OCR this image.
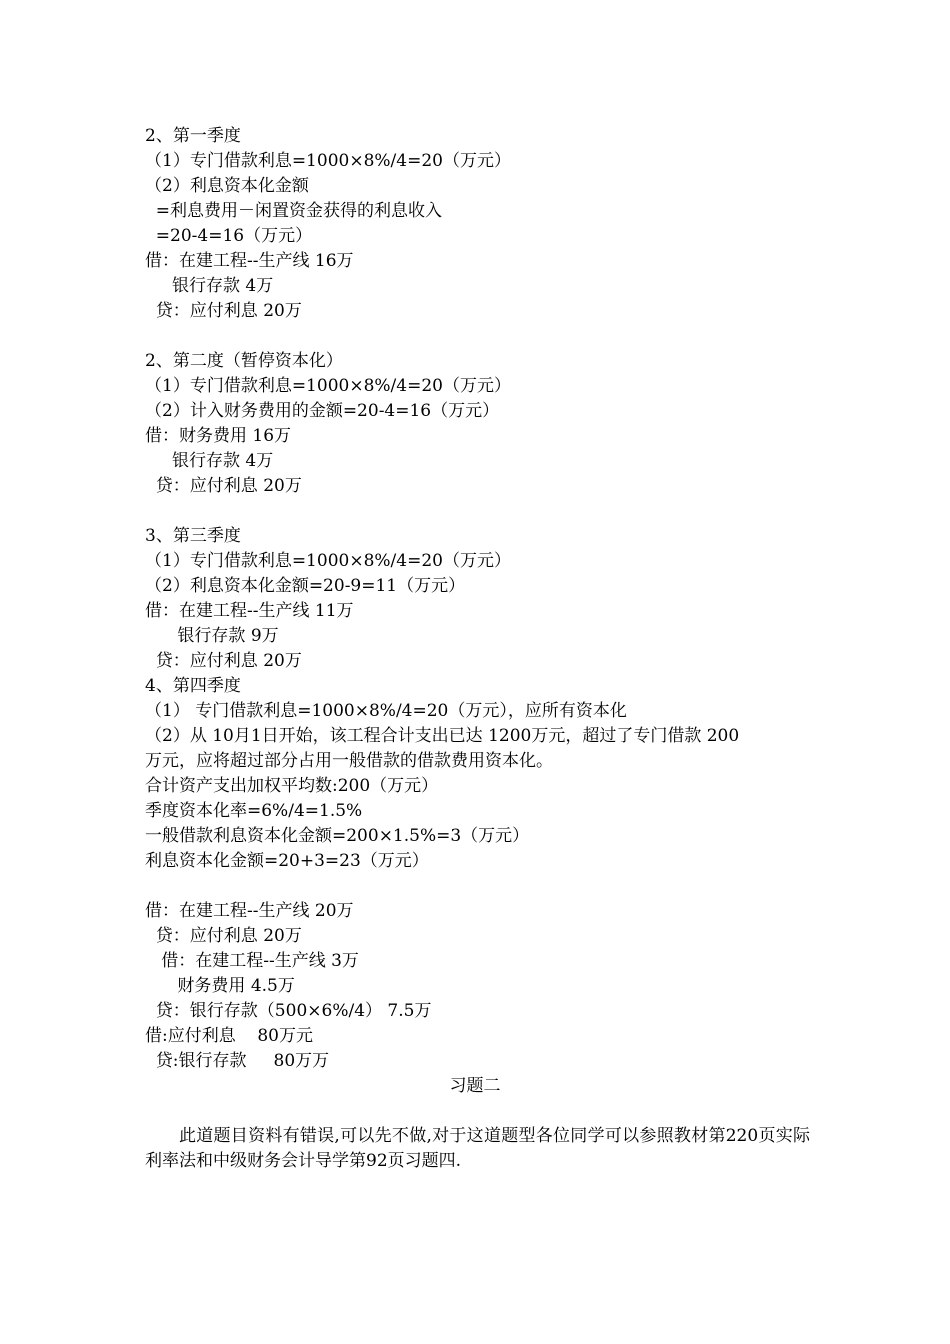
2、第一季度
（1）专门借款利息=1000×8%/4=20（万元）
（2）利息资本化金额
=利息费用－闲置资金获得的利息收入
=20-4=16（万元）
借：在建工程--生产线 16万
银行存款 4万
贷：应付利息 20万
2、第二度（暂停资本化）
（1）专门借款利息=1000×8%/4=20（万元）
（2）计入财务费用的金额=20-4=16（万元）
借：财务费用 16万
银行存款 4万
贷：应付利息 20万
3、第三季度
（1）专门借款利息=1000×8%/4=20（万元）
（2）利息资本化金额=20-9=11（万元）
借：在建工程--生产线 11万
银行存款 9万
贷：应付利息 20万
4、第四季度
（1） 专门借款利息=1000×8%/4=20（万元），应所有资本化
（2）从 10月1日开始，该工程合计支出已达 1200万元，超过了专门借款 200
万元，应将超过部分占用一般借款的借款费用资本化。
合计资产支出加权平均数:200（万元）
季度资本化率=6%/4=1.5%
一般借款利息资本化金额=200×1.5%=3（万元）
利息资本化金额=20+3=23（万元）
借：在建工程--生产线 20万
贷：应付利息 20万
借：在建工程--生产线 3万
财务费用 4.5万
贷：银行存款（500×6%/4） 7.5万
借:应付利息    80万元
贷:银行存款     80万万
习题二
此道题目资料有错误,可以先不做,对于这道题型各位同学可以参照教材第220页实际利率法和中级财务会计导学第92页习题四.
